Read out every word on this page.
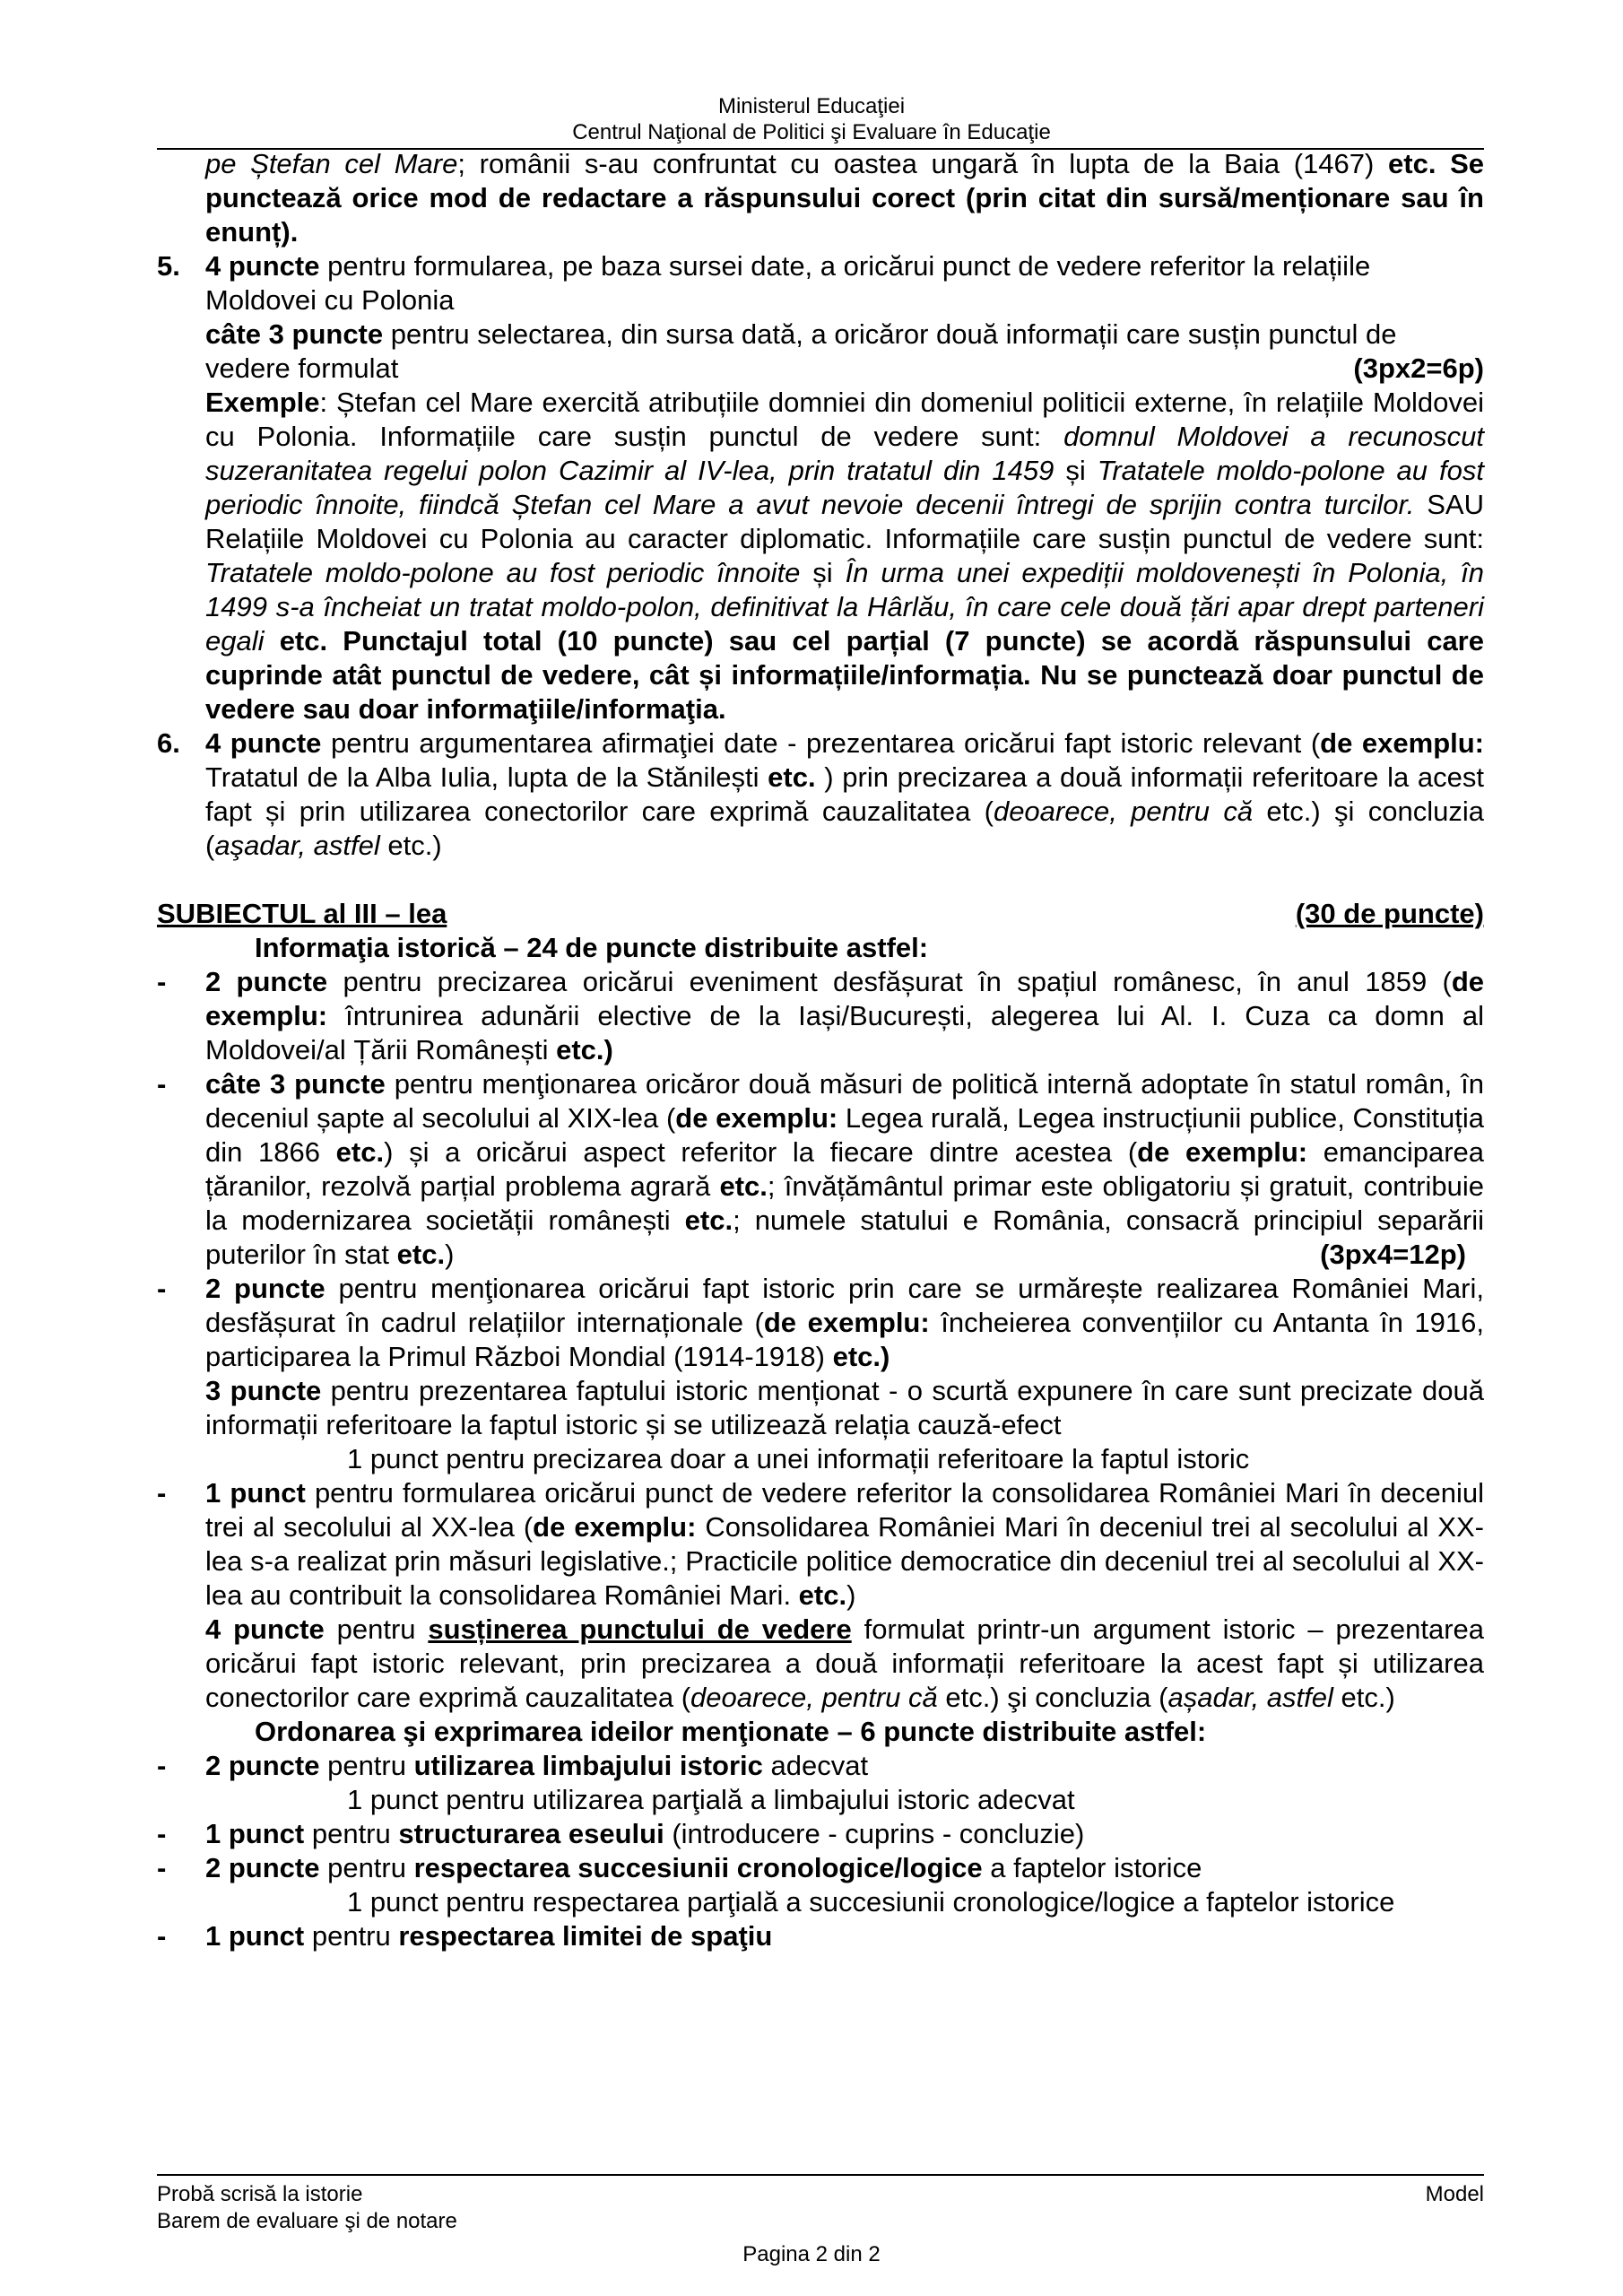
Ministerul Educaţiei
Centrul Naţional de Politici şi Evaluare în Educaţie

pe Ștefan cel Mare; românii s-au confruntat cu oastea ungară în lupta de la Baia (1467) etc. Se punctează orice mod de redactare a răspunsului corect (prin citat din sursă/menționare sau în enunț).

5. 4 puncte pentru formularea, pe baza sursei date, a oricărui punct de vedere referitor la relațiile Moldovei cu Polonia

câte 3 puncte pentru selectarea, din sursa dată, a oricăror două informații care susțin punctul de vedere formulat	(3px2=6p)

Exemple: Ștefan cel Mare exercită atribuțiile domniei din domeniul politicii externe, în relațiile Moldovei cu Polonia. Informațiile care susțin punctul de vedere sunt: domnul Moldovei a recunoscut suzeranitatea regelui polon Cazimir al IV-lea, prin tratatul din 1459 și Tratatele moldo-polone au fost periodic înnoite, fiindcă Ștefan cel Mare a avut nevoie decenii întregi de sprijin contra turcilor. SAU Relațiile Moldovei cu Polonia au caracter diplomatic. Informațiile care susțin punctul de vedere sunt: Tratatele moldo-polone au fost periodic înnoite și În urma unei expediții moldovenești în Polonia, în 1499 s-a încheiat un tratat moldo-polon, definitivat la Hârlău, în care cele două țări apar drept parteneri egali etc. Punctajul total (10 puncte) sau cel parțial (7 puncte) se acordă răspunsului care cuprinde atât punctul de vedere, cât și informațiile/informația. Nu se punctează doar punctul de vedere sau doar informaţiile/informaţia.

6. 4 puncte pentru argumentarea afirmaţiei date - prezentarea oricărui fapt istoric relevant (de exemplu: Tratatul de la Alba Iulia, lupta de la Stănilești etc. ) prin precizarea a două informații referitoare la acest fapt și prin utilizarea conectorilor care exprimă cauzalitatea (deoarece, pentru că etc.) şi concluzia (aşadar, astfel etc.)
SUBIECTUL al III – lea	(30 de puncte)

Informaţia istorică – 24 de puncte distribuite astfel:

-	2 puncte pentru precizarea oricărui eveniment desfășurat în spațiul românesc, în anul 1859 (de exemplu: întrunirea adunării elective de la Iași/București, alegerea lui Al. I. Cuza ca domn al Moldovei/al Țării Românești etc.)
-	câte 3 puncte pentru menţionarea oricăror două măsuri de politică internă adoptate în statul român, în deceniul șapte al secolului al XIX-lea (de exemplu: Legea rurală, Legea instrucțiunii publice, Constituția din 1866 etc.) și a oricărui aspect referitor la fiecare dintre acestea (de exemplu: emanciparea țăranilor, rezolvă parțial problema agrară etc.; învățământul primar este obligatoriu și gratuit, contribuie la modernizarea societății românești etc.; numele statului e România, consacră principiul separării puterilor în stat etc.)	(3px4=12p)
-	2 puncte pentru menţionarea oricărui fapt istoric prin care se urmărește realizarea României Mari, desfășurat în cadrul relațiilor internaționale (de exemplu: încheierea convențiilor cu Antanta în 1916, participarea la Primul Război Mondial (1914-1918) etc.)

3 puncte pentru prezentarea faptului istoric menționat - o scurtă expunere în care sunt precizate două informații referitoare la faptul istoric și se utilizează relația cauză-efect

1 punct pentru precizarea doar a unei informații referitoare la faptul istoric

-	1 punct pentru formularea oricărui punct de vedere referitor la consolidarea României Mari în deceniul trei al secolului al XX-lea (de exemplu: Consolidarea României Mari în deceniul trei al secolului al XX-lea s-a realizat prin măsuri legislative.; Practicile politice democratice din deceniul trei al secolului al XX-lea au contribuit la consolidarea României Mari. etc.)

4 puncte pentru susținerea punctului de vedere formulat printr-un argument istoric – prezentarea oricărui fapt istoric relevant, prin precizarea a două informații referitoare la acest fapt și utilizarea conectorilor care exprimă cauzalitatea (deoarece, pentru că etc.) şi concluzia (așadar, astfel etc.)

Ordonarea şi exprimarea ideilor menţionate – 6 puncte distribuite astfel:

-	2 puncte pentru utilizarea limbajului istoric adecvat

1 punct pentru utilizarea parţială a limbajului istoric adecvat

-	1 punct pentru structurarea eseului (introducere - cuprins - concluzie)
-	2 puncte pentru respectarea succesiunii cronologice/logice a faptelor istorice

1 punct pentru respectarea parţială a succesiunii cronologice/logice a faptelor istorice

-	1 punct pentru respectarea limitei de spaţiu
Probă scrisă la istorie	Model
Barem de evaluare şi de notare
Pagina 2 din 2
